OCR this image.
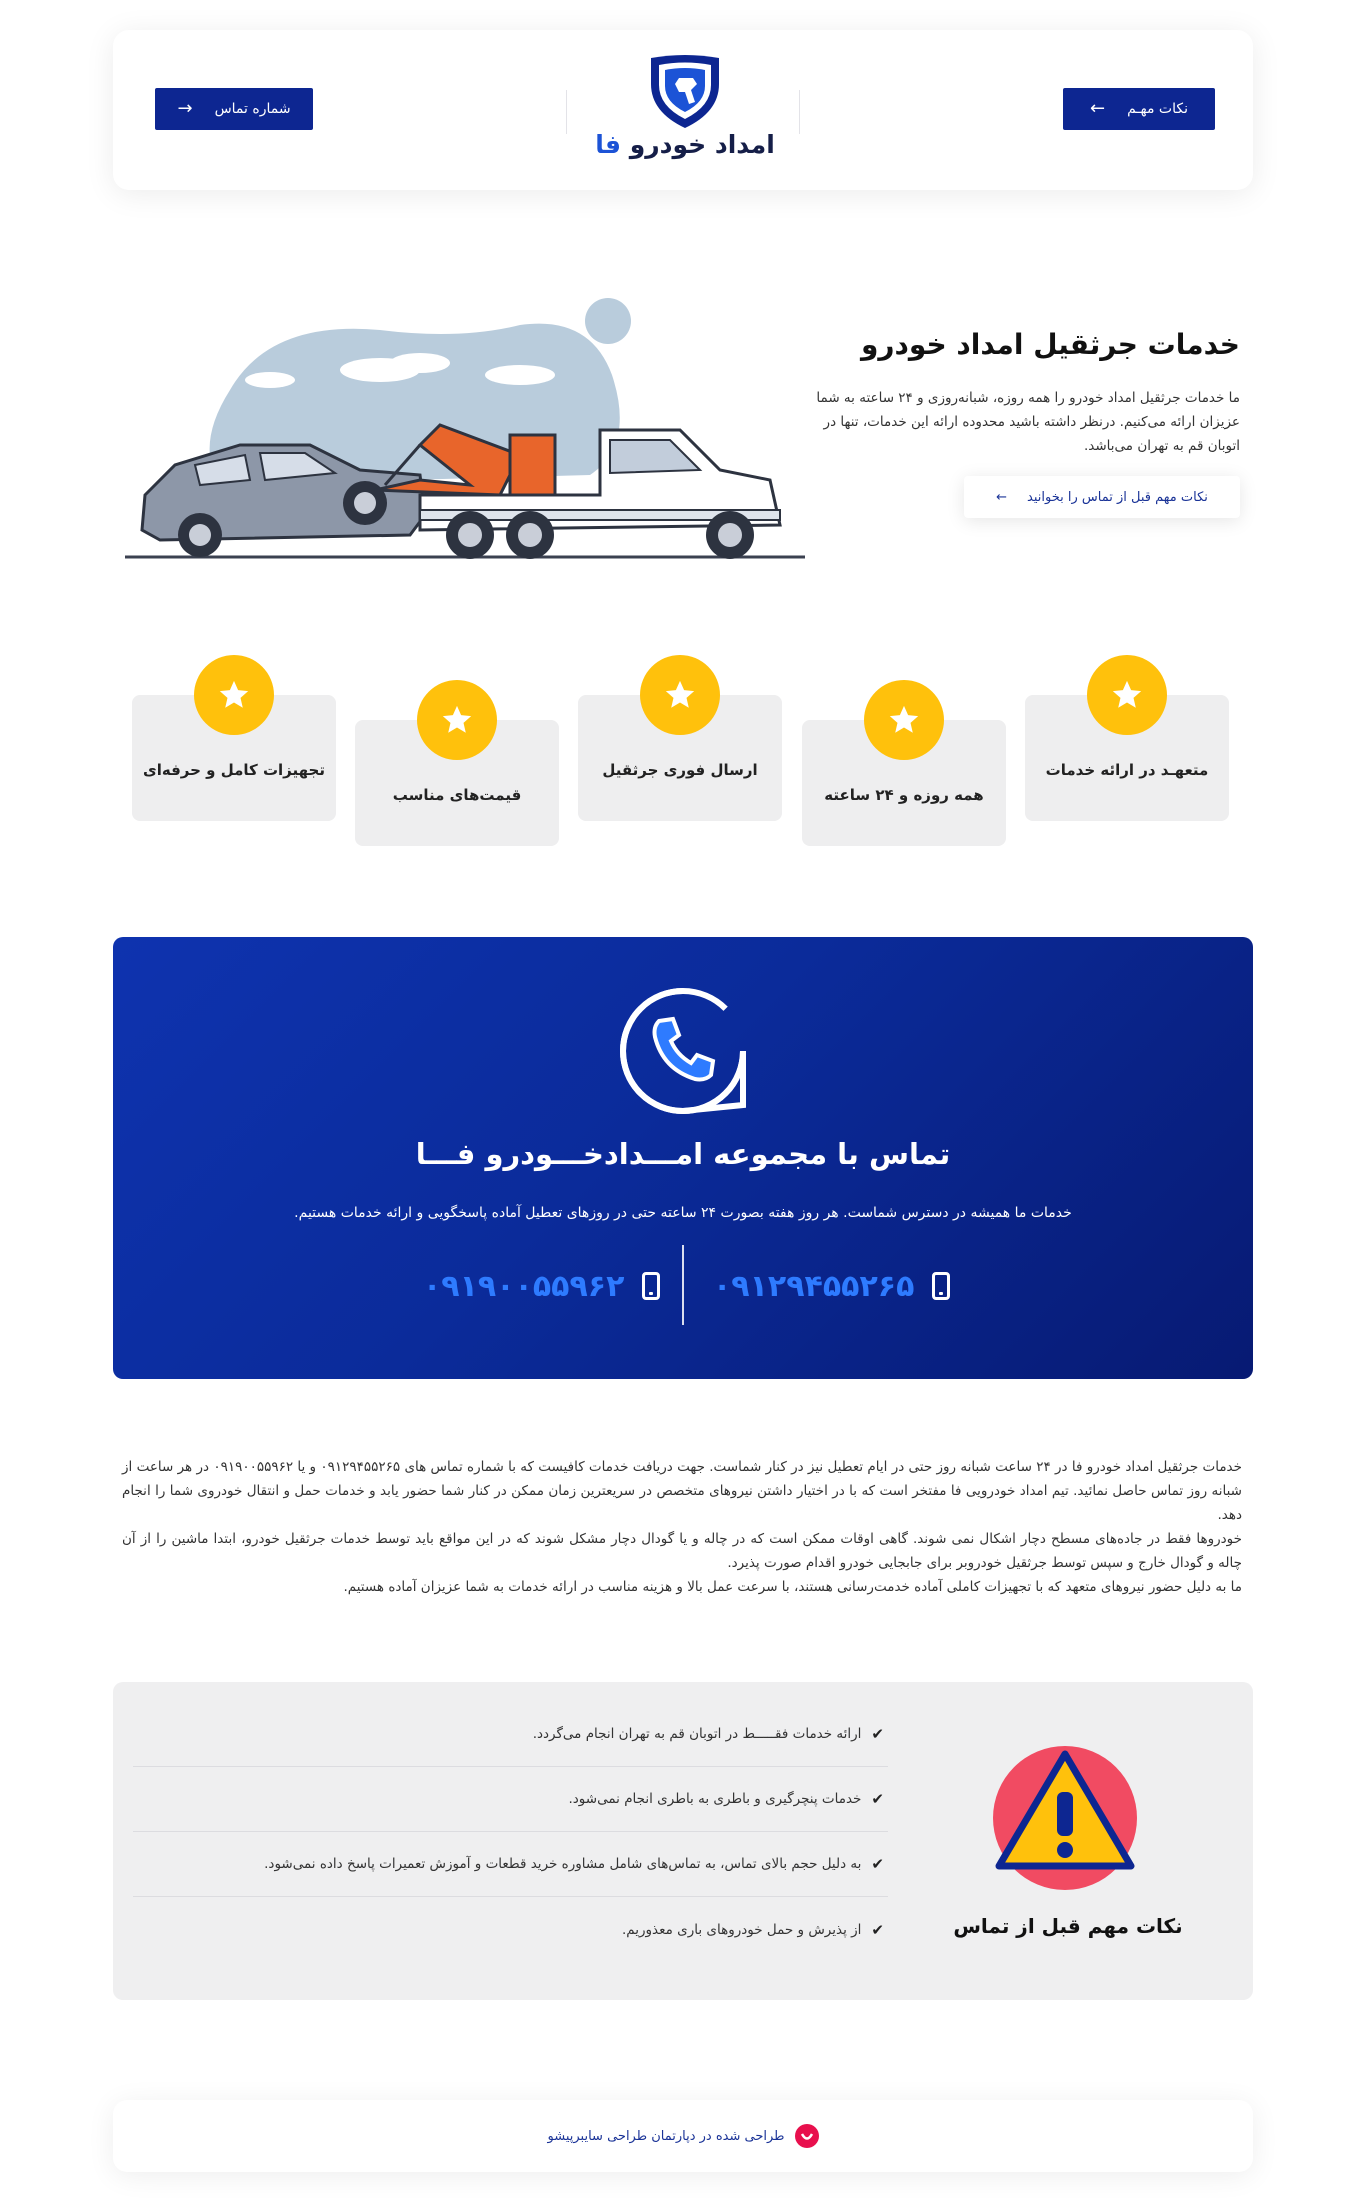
نکات مهـم
←
امداد خودرو فا
شماره تماس
→
خدمات جرثقیل امداد خودرو

ما خدمات جرثقیل امداد خودرو را همه روزه، شبانه‌روزی و ۲۴ ساعته به شما عزیزان ارائه می‌کنیم. درنظر داشته باشید محدوده ارائه این خدمات، تنها در اتوبان قم به تهران می‌باشد.

نکات مهم قبل از تماس را بخوانید
←
متعهـد در ارائه خدمات
همه روزه و ۲۴ ساعته
ارسال فوری جرثقیل
قیمت‌های مناسب
تجهیزات کامل و حرفه‌ای
تماس با مجموعه امـــدادخـــودرو فـــا

خدمات ما همیشه در دسترس شماست. هر روز هفته بصورت ۲۴ ساعته حتی در روزهای تعطیل آماده پاسخگویی و ارائه خدمات هستیم.

۰۹۱۲۹۴۵۵۲۶۵
۰۹۱۹۰۰۵۵۹۶۲

خدمات جرثقیل امداد خودرو فا در ۲۴ ساعت شبانه روز حتی در ایام تعطیل نیز در کنار شماست. جهت دریافت خدمات کافیست که با شماره تماس های ۰۹۱۲۹۴۵۵۲۶۵ و یا ۰۹۱۹۰۰۵۵۹۶۲ در هر ساعت از شبانه روز تماس حاصل نمائید. تیم امداد خودرویی فا مفتخر است که با در اختیار داشتن نیروهای متخصص در سریعترین زمان ممکن در کنار شما حضور یابد و خدمات حمل و انتقال خودروی شما را انجام دهد.

خودروها فقط در جاده‌های مسطح دچار اشکال نمی شوند. گاهی اوقات ممکن است که در چاله و یا گودال دچار مشکل شوند که در این مواقع باید توسط خدمات جرثقیل خودرو، ابتدا ماشین را از آن چاله و گودال خارج و سپس توسط جرثقیل خودروبر برای جابجایی خودرو اقدام صورت پذیرد.

ما به دلیل حضور نیروهای متعهد که با تجهیزات کاملی آماده خدمت‌رسانی هستند، با سرعت عمل بالا و هزینه مناسب در ارائه خدمات به شما عزیزان آماده هستیم.

نکات مهم قبل از تماس
✔
ارائه خدمات فقـــــط در اتوبان قم به تهران انجام می‌گردد.
✔
خدمات پنچرگیری و باطری به باطری انجام نمی‌شود.
✔
به دلیل حجم بالای تماس، به تماس‌های شامل مشاوره خرید قطعات و آموزش تعمیرات پاسخ داده نمی‌شود.
✔
از پذیرش و حمل خودروهای باری معذوریم.
طراحی شده در دپارتمان طراحی سایبرپیشو
